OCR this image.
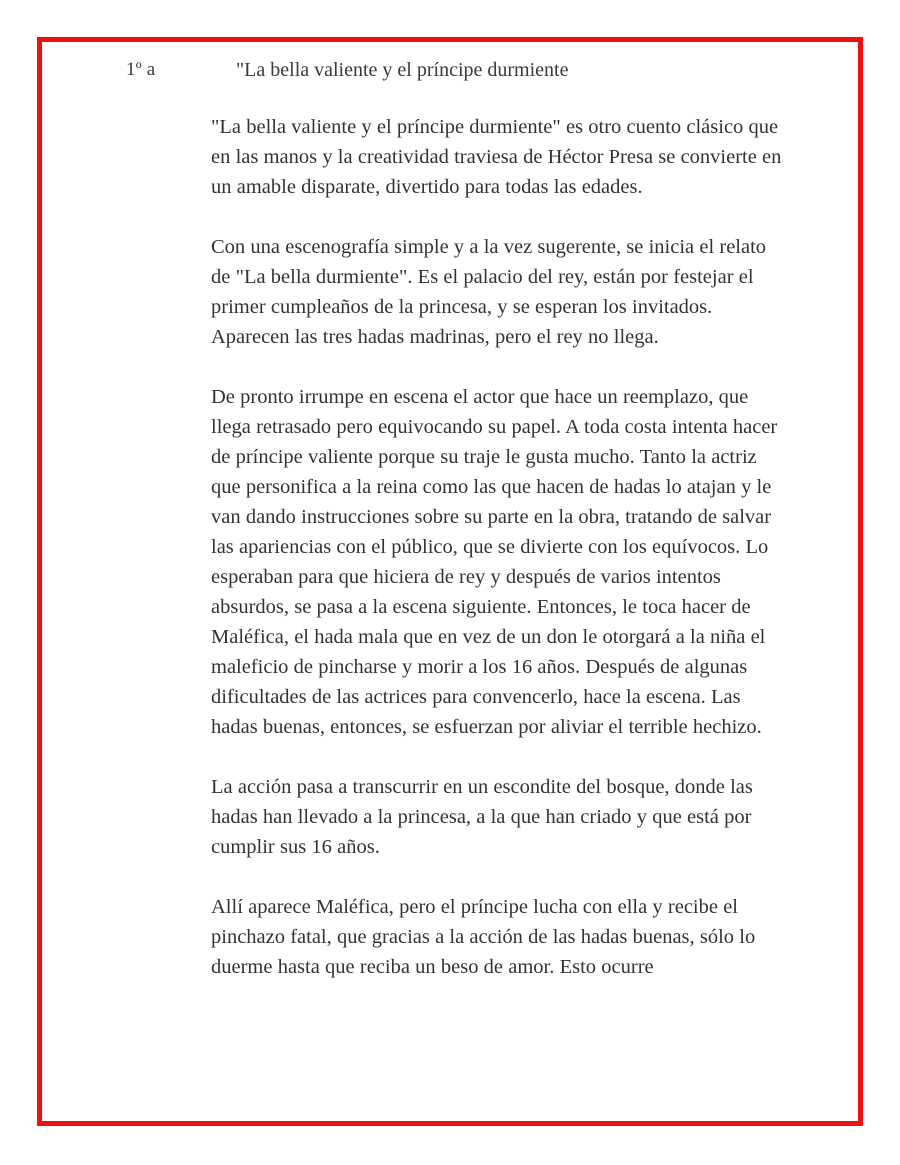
1º a	"La bella valiente y el príncipe durmiente

"La bella valiente y el príncipe durmiente" es otro cuento clásico que en las manos y la creatividad traviesa de Héctor Presa se convierte en un amable disparate, divertido para todas las edades.

Con una escenografía simple y a la vez sugerente, se inicia el relato de "La bella durmiente". Es el palacio del rey, están por festejar el primer cumpleaños de la princesa, y se esperan los invitados. Aparecen las tres hadas madrinas, pero el rey no llega.

De pronto irrumpe en escena el actor que hace un reemplazo, que llega retrasado pero equivocando su papel. A toda costa intenta hacer de príncipe valiente porque su traje le gusta mucho. Tanto la actriz que personifica a la reina como las que hacen de hadas lo atajan y le van dando instrucciones sobre su parte en la obra, tratando de salvar las apariencias con el público, que se divierte con los equívocos. Lo esperaban para que hiciera de rey y después de varios intentos absurdos, se pasa a la escena siguiente. Entonces, le toca hacer de Maléfica, el hada mala que en vez de un don le otorgará a la niña el maleficio de pincharse y morir a los 16 años. Después de algunas dificultades de las actrices para convencerlo, hace la escena. Las hadas buenas, entonces, se esfuerzan por aliviar el terrible hechizo.

La acción pasa a transcurrir en un escondite del bosque, donde las hadas han llevado a la princesa, a la que han criado y que está por cumplir sus 16 años.

Allí aparece Maléfica, pero el príncipe lucha con ella y recibe el pinchazo fatal, que gracias a la acción de las hadas buenas, sólo lo duerme hasta que reciba un beso de amor. Esto ocurre
